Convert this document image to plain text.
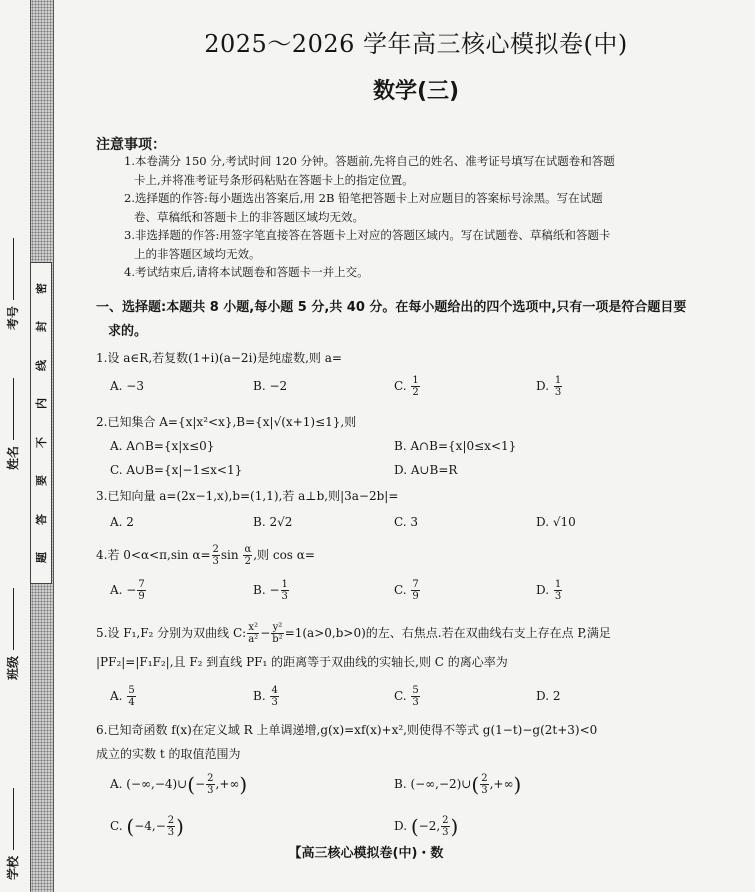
密
封
线
内
不
要
答
题
学校
班级
姓名
考号
2025～2026 学年高三核心模拟卷(中)
数学(三)
注意事项：
1.本卷满分 150 分,考试时间 120 分钟。答题前,先将自己的姓名、准考证号填写在试题卷和答题
卡上,并将准考证号条形码粘贴在答题卡上的指定位置。
2.选择题的作答:每小题选出答案后,用 2B 铅笔把答题卡上对应题目的答案标号涂黑。写在试题
卷、草稿纸和答题卡上的非答题区域均无效。
3.非选择题的作答:用签字笔直接答在答题卡上对应的答题区域内。写在试题卷、草稿纸和答题卡
上的非答题区域均无效。
4.考试结束后,请将本试题卷和答题卡一并上交。
一、选择题:本题共 8 小题,每小题 5 分,共 40 分。在每小题给出的四个选项中,只有一项是符合题目要
求的。
1.设 a∈R,若复数(1+i)(a−2i)是纯虚数,则 a=
A. −3	B. −2	C. $\frac{1}{2}$	D. $\frac{1}{3}$
2.已知集合 A={x|x²<x},B={x|√(x+1)≤1},则
A. A∩B={x|x≤0}	B. A∩B={x|0≤x<1}
C. A∪B={x|−1≤x<1}	D. A∪B=R
3.已知向量 a=(2x−1,x),b=(1,1),若 a⊥b,则|3a−2b|=
A. 2	B. 2√2	C. 3	D. √10
4.若 0<α<π,sin $\alpha= \frac{2}{3}$ $\sin \frac{\alpha}{2}$ ,则 cos α=
A. − $\frac{7}{9}$	B. − $\frac{1}{3}$	C. $\frac{7}{9}$	D. $\frac{1}{3}$
5.设 F₁,F₂ 分别为双曲线 C: $\frac{\text{x²}}{\text{a²}} - \frac{\text{y²}}{\text{b²}} =1(a>0,b>0)$的左、右焦点.若在双曲线右支上存在点 P,满足
|PF₂|=|F₁F₂|,且 F₂ 到直线 PF₁ 的距离等于双曲线的实轴长,则 C 的离心率为
A. $\frac{5}{4}$	B. $\frac{4}{3}$	C. $\frac{5}{3}$	D. 2
6.已知奇函数 f(x)在定义域 R 上单调递增,g(x)=xf(x)+x²,则使得不等式 g(1−t)−g(2t+3)<0
成立的实数 t 的取值范围为
A. (−∞,−4)∪(− $\frac{2}{3}$ ,+∞)	B. (−∞,−2)∪( $\frac{2}{3}$ ,+∞)
C. ($-4,- \frac{2}{3}$ )	D. (−2, $\frac{2}{3}$ )
【高三核心模拟卷(中)・数
